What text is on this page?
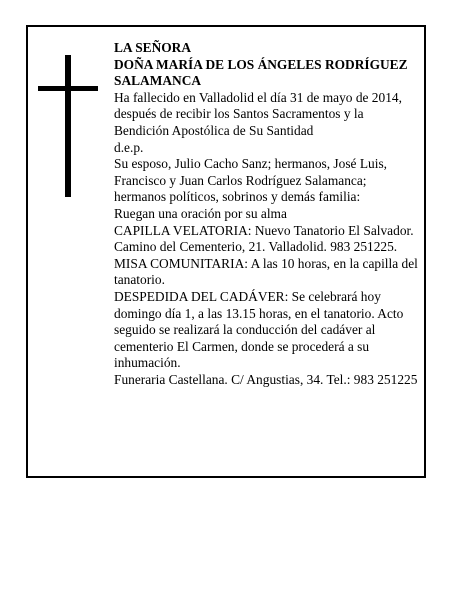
LA SEÑORA

DOÑA MARÍA DE LOS ÁNGELES RODRÍGUEZ SALAMANCA

Ha fallecido en Valladolid el día 31 de mayo de 2014, después de recibir los Santos Sacramentos y la Bendición Apostólica de Su Santidad

d.e.p.

Su esposo, Julio Cacho Sanz; hermanos, José Luis, Francisco y Juan Carlos Rodríguez Salamanca; hermanos políticos, sobrinos y demás familia:

Ruegan una oración por su alma

CAPILLA VELATORIA: Nuevo Tanatorio El Salvador. Camino del Cementerio, 21. Valladolid. 983 251225.

MISA COMUNITARIA: A las 10 horas, en la capilla del tanatorio.

DESPEDIDA DEL CADÁVER: Se celebrará hoy domingo día 1, a las 13.15 horas, en el tanatorio. Acto seguido se realizará la conducción del cadáver al cementerio El Carmen, donde se procederá a su inhumación.

Funeraria Castellana. C/ Angustias, 34. Tel.: 983 251225
